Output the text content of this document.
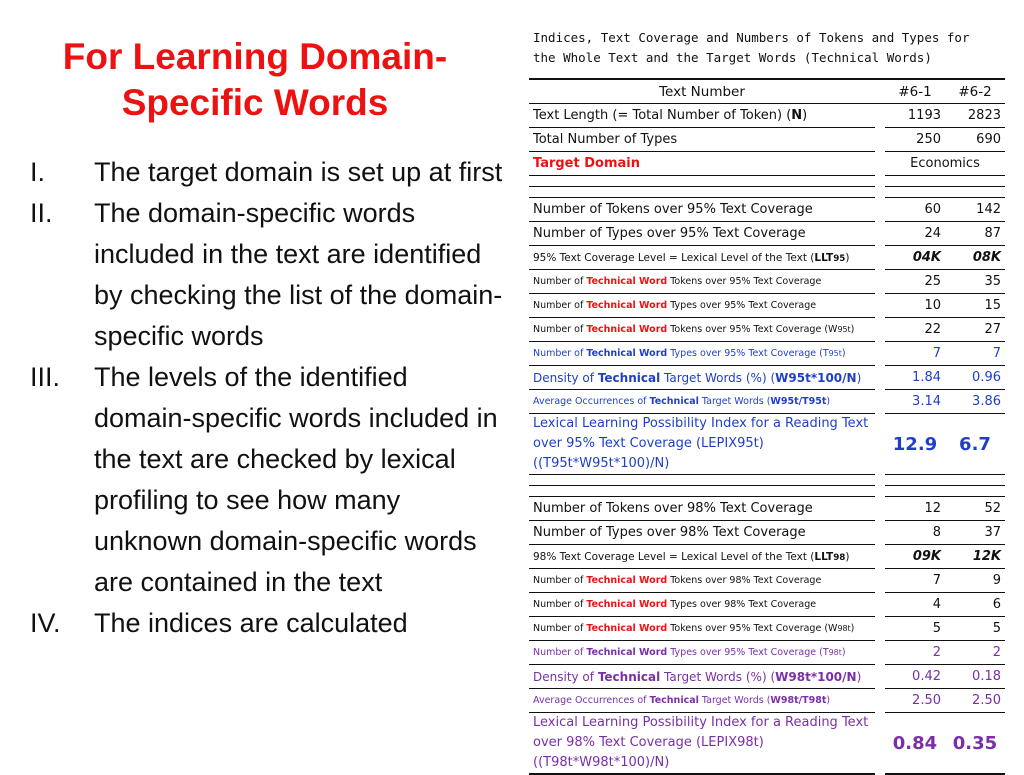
For Learning Domain-
Specific Words
I.	The target domain is set up at first
II.	The domain-specific words included in the text are identified by checking the list of the domain-specific words
III.	The levels of the identified domain-specific words included in the text are checked by lexical profiling to see how many unknown domain-specific words are contained in the text
IV.	The indices are calculated
Indices, Text Coverage and Numbers of Tokens and Types for
the Whole Text and the Target Words (Technical Words)
Text Number		#6-1	#6-2
Text Length (= Total Number of Token) (N)		1193	2823
Total Number of Types		250	690
Target Domain		Economics	

Number of Tokens over 95% Text Coverage		60	142
Number of Types over 95% Text Coverage		24	87
95% Text Coverage Level = Lexical Level of the Text (LLT95)		04K	08K
Number of Technical Word Tokens over 95% Text Coverage		25	35
Number of Technical Word Types over 95% Text Coverage		10	15
Number of Technical Word Tokens over 95% Text Coverage (W95t)		22	27
Number of Technical Word Types over 95% Text Coverage (T95t)		7	7
Density of Technical Target Words (%) (W95t*100/N)		1.84	0.96
Average Occurrences of Technical Target Words (W95t/T95t)		3.14	3.86

Lexical Learning Possibility Index for a Reading Text
over 95% Text Coverage (LEPIX95t)
((T95t*W95t*100)/N)		12.9	6.7

Number of Tokens over 98% Text Coverage		12	52
Number of Types over 98% Text Coverage		8	37
98% Text Coverage Level = Lexical Level of the Text (LLT98)		09K	12K
Number of Technical Word Tokens over 98% Text Coverage		7	9
Number of Technical Word Types over 98% Text Coverage		4	6
Number of Technical Word Tokens over 95% Text Coverage (W98t)		5	5
Number of Technical Word Types over 95% Text Coverage (T98t)		2	2
Density of Technical Target Words (%) (W98t*100/N)		0.42	0.18
Average Occurrences of Technical Target Words (W98t/T98t)		2.50	2.50

Lexical Learning Possibility Index for a Reading Text
over 98% Text Coverage (LEPIX98t)
((T98t*W98t*100)/N)		0.84	0.35
